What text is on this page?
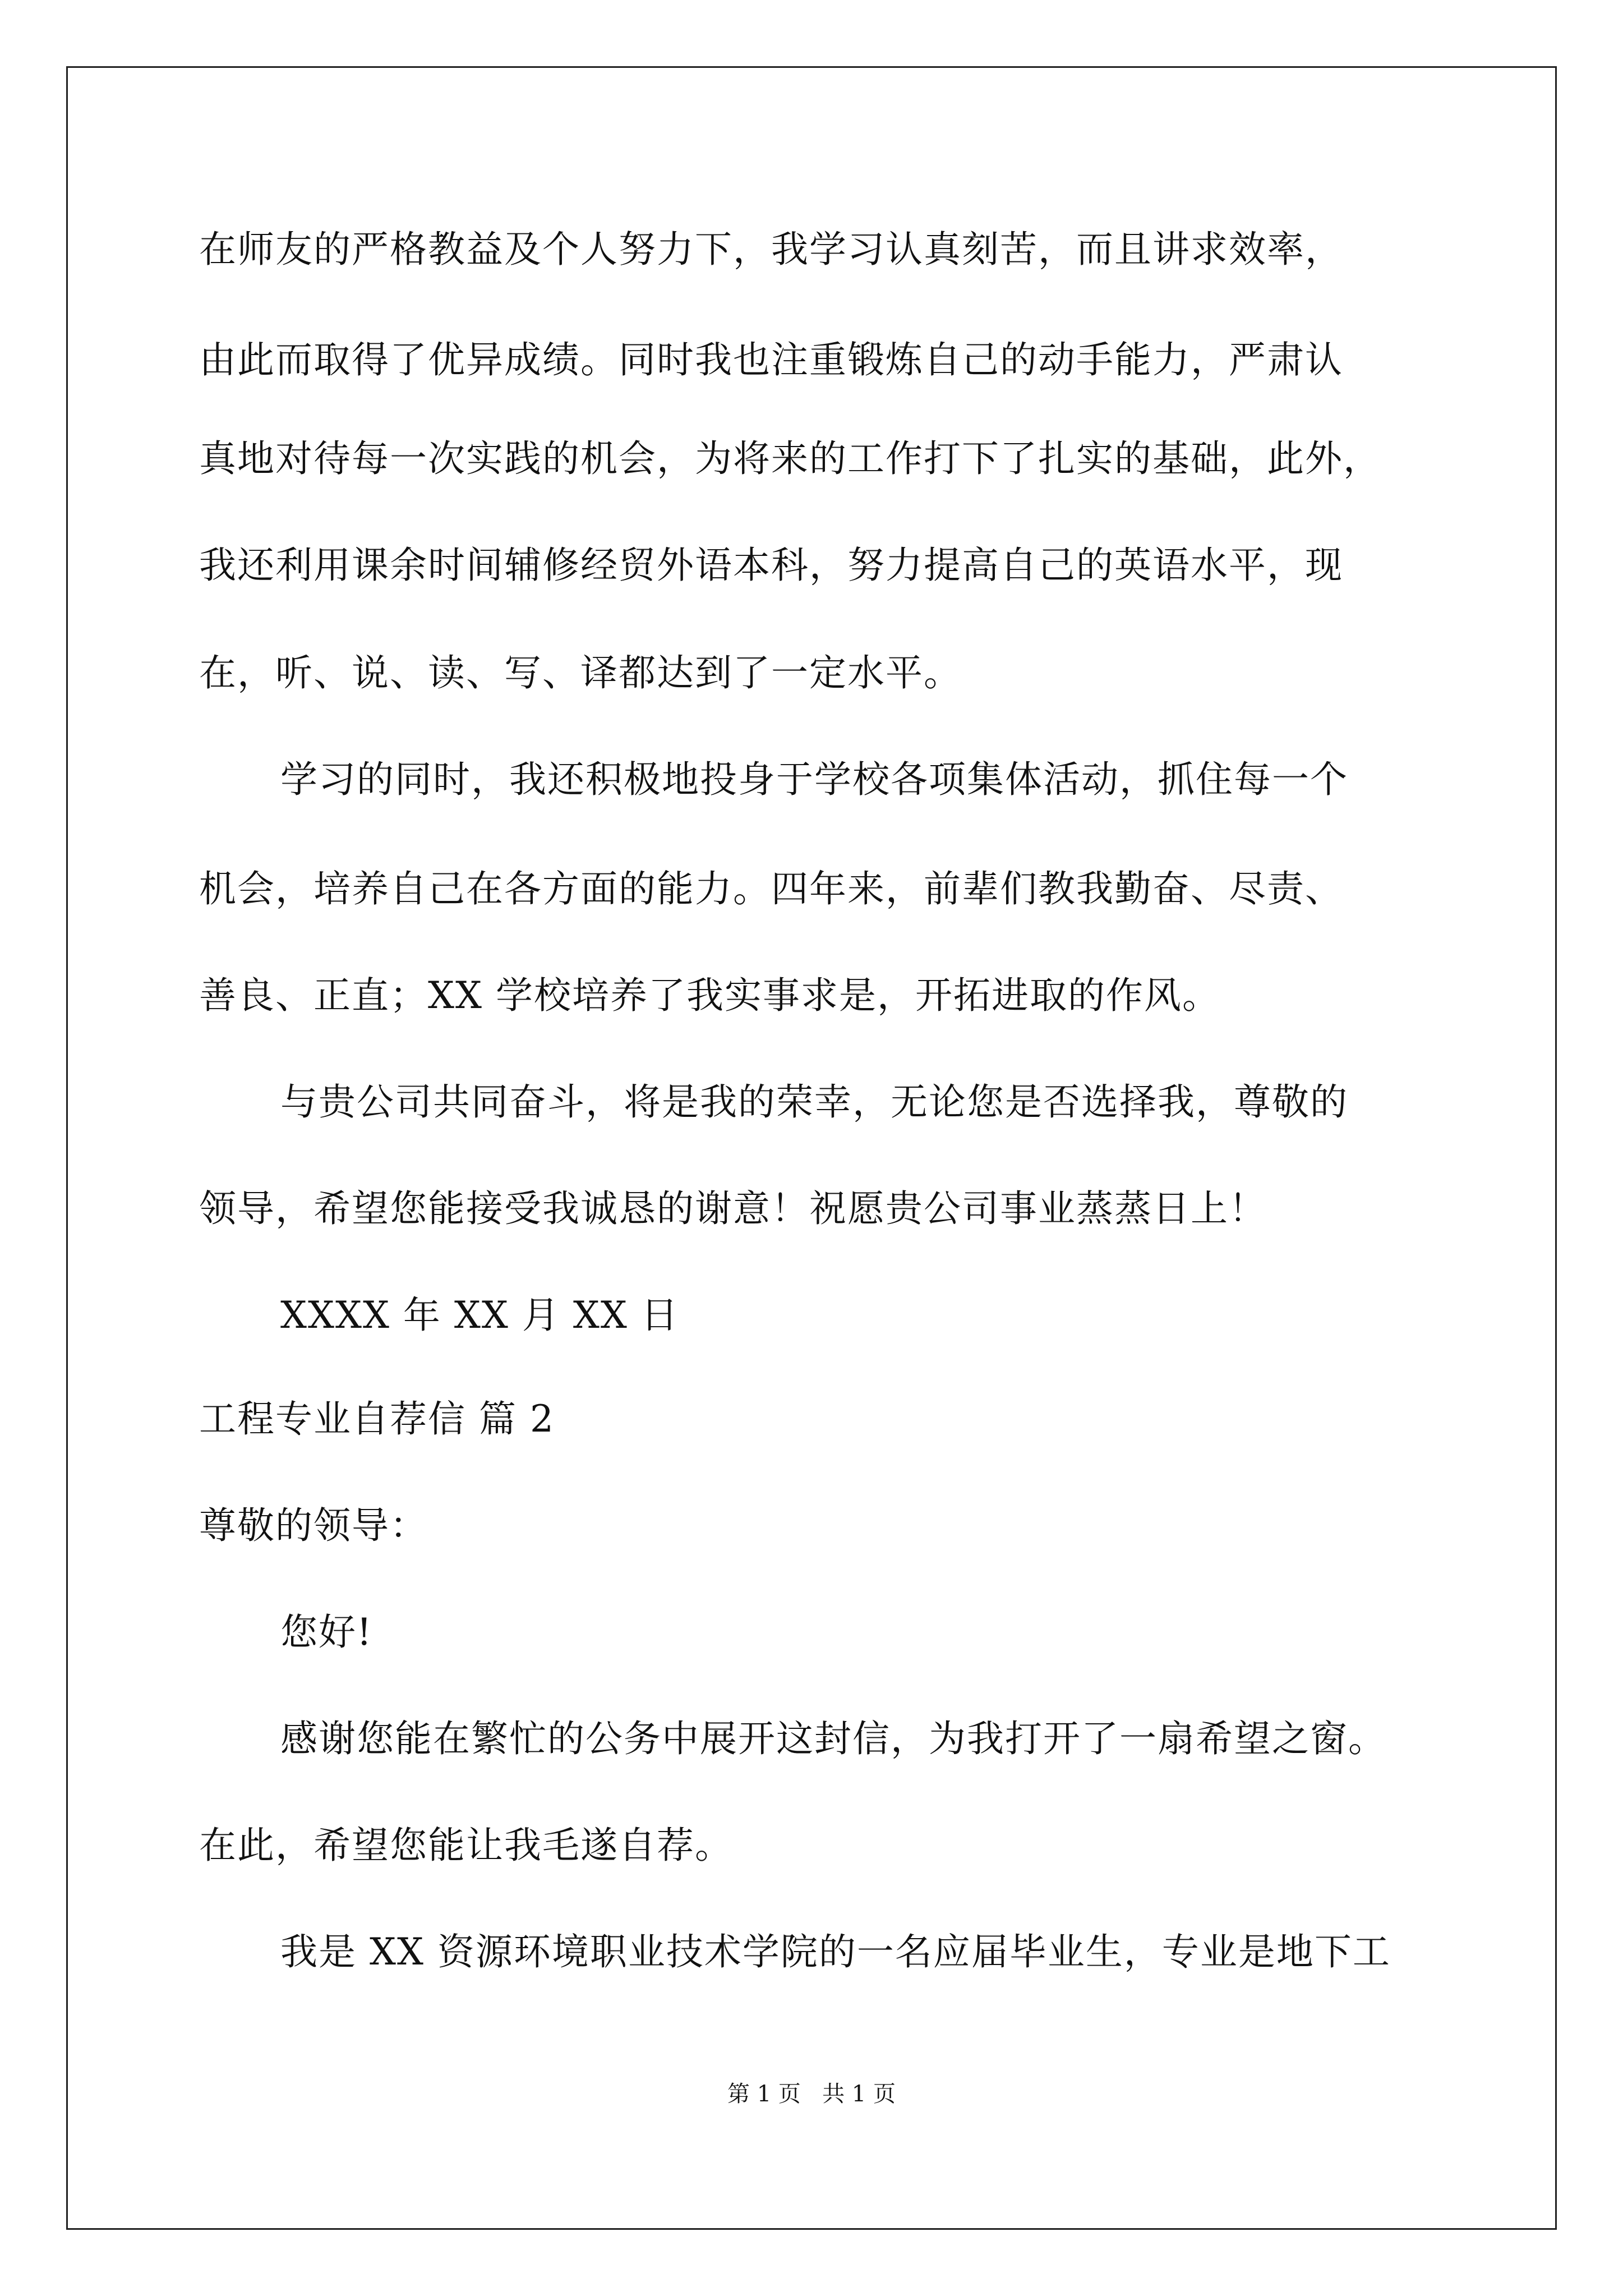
在师友的严格教益及个人努力下，我学习认真刻苦，而且讲求效率，
由此而取得了优异成绩。同时我也注重锻炼自己的动手能力，严肃认
真地对待每一次实践的机会，为将来的工作打下了扎实的基础，此外，
我还利用课余时间辅修经贸外语本科，努力提高自己的英语水平，现
在，听、说、读、写、译都达到了一定水平。
学习的同时，我还积极地投身于学校各项集体活动，抓住每一个
机会，培养自己在各方面的能力。四年来，前辈们教我勤奋、尽责、
善良、正直；XX 学校培养了我实事求是，开拓进取的作风。
与贵公司共同奋斗，将是我的荣幸，无论您是否选择我，尊敬的
领导，希望您能接受我诚恳的谢意！祝愿贵公司事业蒸蒸日上！
XXXX 年 XX 月 XX 日
工程专业自荐信 篇 2
尊敬的领导：
您好!
感谢您能在繁忙的公务中展开这封信，为我打开了一扇希望之窗。
在此，希望您能让我毛遂自荐。
我是 XX 资源环境职业技术学院的一名应届毕业生，专业是地下工
第 1 页   共 1 页
